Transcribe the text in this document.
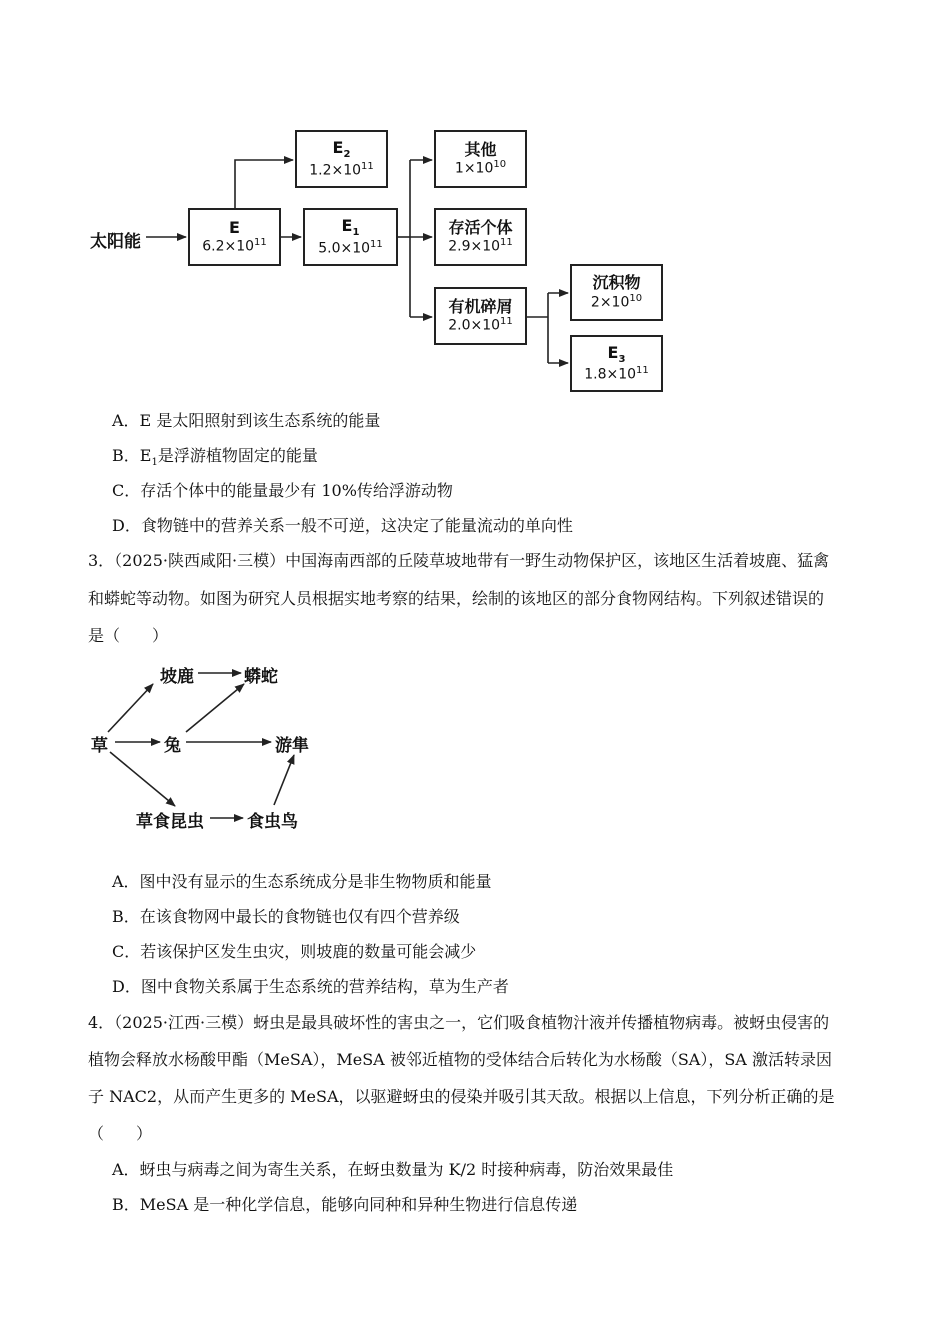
太阳能
E
$6.2\times 10^{11}$
$E_2$
$1.2\times 10^{11}$
$E_1$
$5.0\times 10^{11}$
其他
$1\times 10^{10}$
存活个体
$2.9\times 10^{11}$
有机碎屑
$2.0\times 10^{11}$
沉积物
$2\times 10^{10}$
$E_3$
$1.8\times 10^{11}$
A．E 是太阳照射到该生态系统的能量
B．$E_1$是浮游植物固定的能量
C．存活个体中的能量最少有 10%传给浮游动物
D．食物链中的营养关系一般不可逆，这决定了能量流动的单向性
3．（2025·陕西咸阳·三模）中国海南西部的丘陵草坡地带有一野生动物保护区，该地区生活着坡鹿、猛禽
和蟒蛇等动物。如图为研究人员根据实地考察的结果，绘制的该地区的部分食物网结构。下列叙述错误的
是（　　）
草
坡鹿	蟒蛇
兔	游隼
草食昆虫	食虫鸟
A．图中没有显示的生态系统成分是非生物物质和能量
B．在该食物网中最长的食物链也仅有四个营养级
C．若该保护区发生虫灾，则坡鹿的数量可能会减少
D．图中食物关系属于生态系统的营养结构，草为生产者
4．（2025·江西·三模）蚜虫是最具破坏性的害虫之一，它们吸食植物汁液并传播植物病毒。被蚜虫侵害的
植物会释放水杨酸甲酯（MeSA），MeSA 被邻近植物的受体结合后转化为水杨酸（SA），SA 激活转录因
子 NAC2，从而产生更多的 MeSA，以驱避蚜虫的侵染并吸引其天敌。根据以上信息，下列分析正确的是
（　　）
A．蚜虫与病毒之间为寄生关系，在蚜虫数量为 K/2 时接种病毒，防治效果最佳
B．MeSA 是一种化学信息，能够向同种和异种生物进行信息传递
